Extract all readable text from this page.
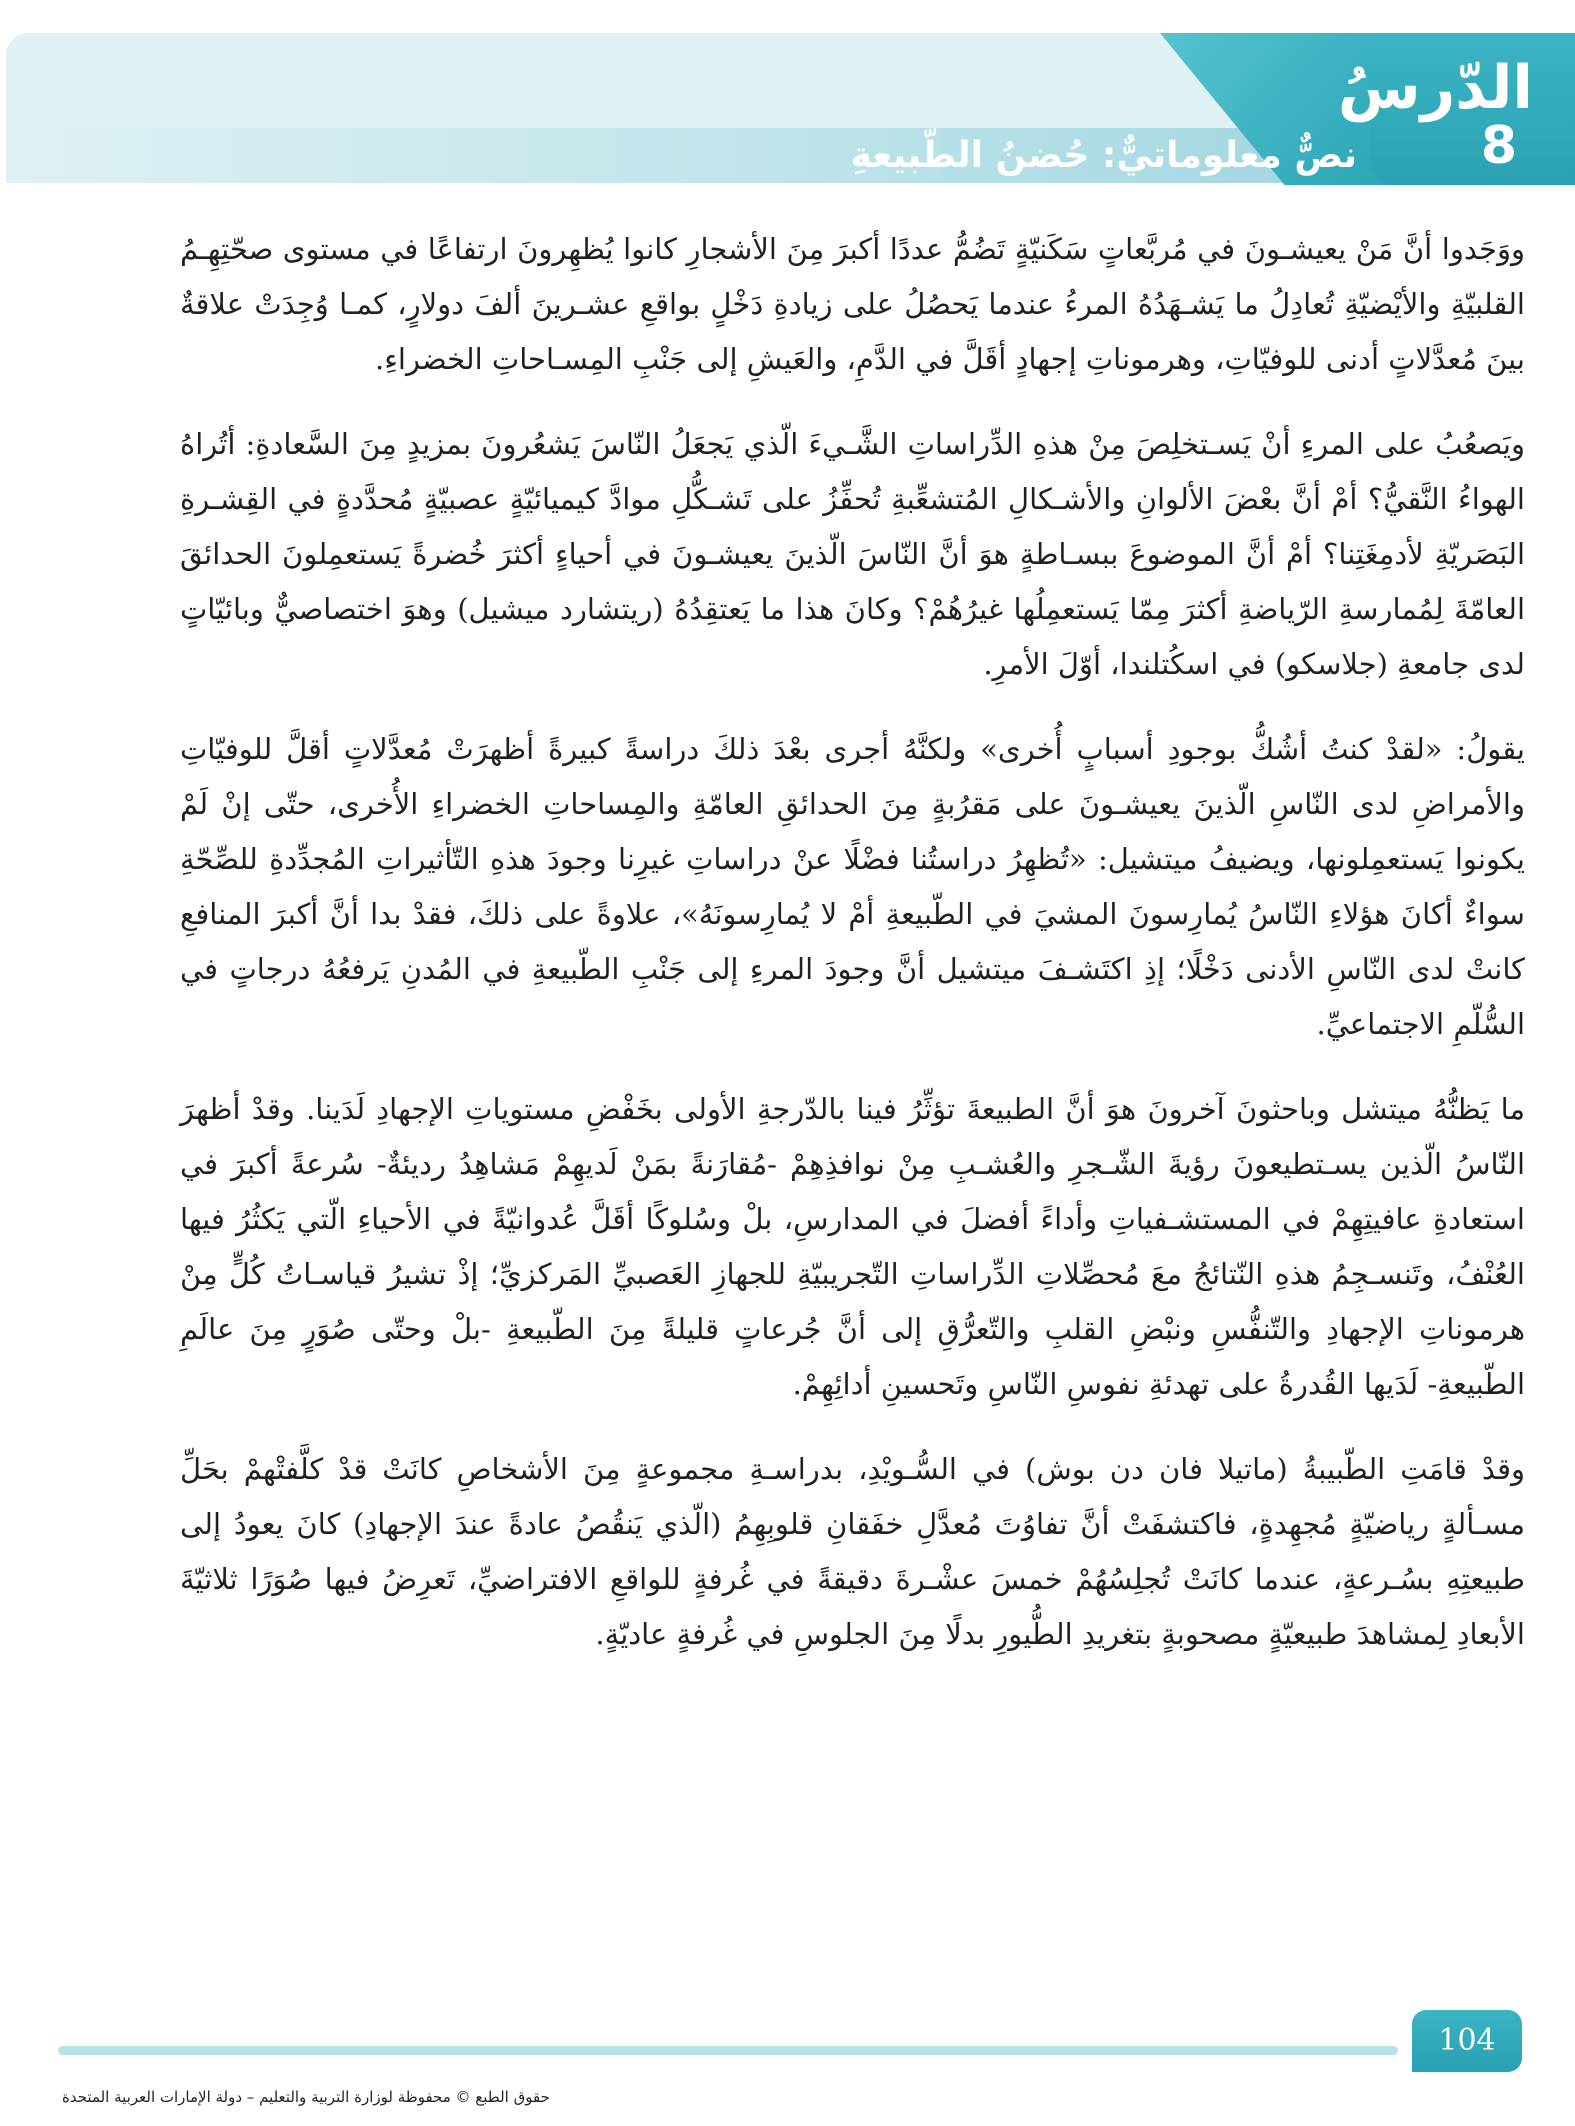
الدّرسُ
8
نصٌّ معلوماتيٌّ: حُضنُ الطّبيعةِ

ووَجَدوا أنَّ مَنْ يعيشـونَ في مُربَّعاتٍ سَكَنيّةٍ تَضُمُّ عددًا أكبرَ مِنَ الأشجارِ كانوا يُظهِرونَ ارتفاعًا في مستوى صحّتِهِـمُ القلبيّةِ والأيْضيّةِ تُعادِلُ ما يَشـهَدُهُ المرءُ عندما يَحصُلُ على زيادةِ دَخْلٍ بواقعِ عشـرينَ ألفَ دولارٍ، كمـا وُجِدَتْ علاقةٌ بينَ مُعدَّلاتٍ أدنى للوفيّاتِ، وهرموناتِ إجهادٍ أقَلَّ في الدَّمِ، والعَيشِ إلى جَنْبِ المِسـاحاتِ الخضراءِ.

ويَصعُبُ على المرءِ أنْ يَسـتخلِصَ مِنْ هذهِ الدِّراساتِ الشَّـيءَ الّذي يَجعَلُ النّاسَ يَشعُرونَ بمزيدٍ مِنَ السَّعادةِ: أتُراهُ الهواءُ النَّقيُّ؟ أمْ أنَّ بعْضَ الألوانِ والأشـكالِ المُتشعِّبةِ تُحفِّزُ على تَشـكُّلِ موادَّ كيميائيّةٍ عصبيّةٍ مُحدَّدةٍ في القِشـرةِ البَصَريّةِ لأدمِغَتِنا؟ أمْ أنَّ الموضوعَ ببسـاطةٍ هوَ أنَّ النّاسَ الّذينَ يعيشـونَ في أحياءٍ أكثرَ خُضرةً يَستعمِلونَ الحدائقَ العامّةَ لِمُمارسةِ الرّياضةِ أكثرَ مِمّا يَستعمِلُها غيرُهُمْ؟ وكانَ هذا ما يَعتقِدُهُ (ريتشارد ميشيل) وهوَ اختصاصيٌّ وبائيّاتٍ لدى جامعةِ (جلاسكو) في اسكُتلندا، أوّلَ الأمرِ.

يقولُ: «لقدْ كنتُ أشُكُّ بوجودِ أسبابٍ أُخرى» ولكنَّهُ أجرى بعْدَ ذلكَ دراسةً كبيرةً أظهرَتْ مُعدَّلاتٍ أقلَّ للوفيّاتِ والأمراضِ لدى النّاسِ الّذينَ يعيشـونَ على مَقرُبةٍ مِنَ الحدائقِ العامّةِ والمِساحاتِ الخضراءِ الأُخرى، حتّى إنْ لَمْ يكونوا يَستعمِلونها، ويضيفُ ميتشيل: «تُظهِرُ دراستُنا فضْلًا عنْ دراساتِ غيرِنا وجودَ هذهِ التّأثيراتِ المُجدِّدةِ للصِّحّةِ سواءٌ أكانَ هؤلاءِ النّاسُ يُمارِسونَ المشيَ في الطّبيعةِ أمْ لا يُمارِسونَهُ»، علاوةً على ذلكَ، فقدْ بدا أنَّ أكبرَ المنافعِ كانتْ لدى النّاسِ الأدنى دَخْلًا؛ إذِ اكتَشـفَ ميتشيل أنَّ وجودَ المرءِ إلى جَنْبِ الطّبيعةِ في المُدنِ يَرفعُهُ درجاتٍ في السُّلّمِ الاجتماعيِّ.

ما يَظنُّهُ ميتشل وباحثونَ آخرونَ هوَ أنَّ الطبيعةَ تؤثِّرُ فينا بالدّرجةِ الأولى بخَفْضِ مستوياتِ الإجهادِ لَدَينا. وقدْ أظهرَ النّاسُ الّذين يسـتطيعونَ رؤيةَ الشّـجرِ والعُشـبِ مِنْ نوافذِهِمْ -مُقارَنةً بمَنْ لَديهِمْ مَشاهِدُ رديئةٌ- سُرعةً أكبرَ في استعادةِ عافيتِهِمْ في المستشـفياتِ وأداءً أفضلَ في المدارسِ، بلْ وسُلوكًا أقَلَّ عُدوانيّةً في الأحياءِ الّتي يَكثُرُ فيها العُنْفُ، وتَنسـجِمُ هذهِ النّتائجُ معَ مُحصِّلاتِ الدِّراساتِ التّجريبيّةِ للجهازِ العَصبيِّ المَركزيِّ؛ إذْ تشيرُ قياسـاتُ كُلٍّ مِنْ هرموناتِ الإجهادِ والتّنفُّسِ ونبْضِ القلبِ والتّعرُّقِ إلى أنَّ جُرعاتٍ قليلةً مِنَ الطّبيعةِ -بلْ وحتّى صُوَرٍ مِنَ عالَمِ الطّبيعةِ- لَدَيها القُدرةُ على تهدئةِ نفوسِ النّاسِ وتَحسينِ أدائِهِمْ.

وقدْ قامَتِ الطّبيبةُ (ماتيلا فان دن بوش) في السُّـويْدِ، بدراسـةِ مجموعةٍ مِنَ الأشخاصِ كانَتْ قدْ كلَّفتْهمْ بحَلِّ مسـألةٍ رياضيّةٍ مُجهِدةٍ، فاكتشفَتْ أنَّ تفاوُتَ مُعدَّلِ خفَقانِ قلوبِهِمُ (الّذي يَنقُصُ عادةً عندَ الإجهادِ) كانَ يعودُ إلى طبيعتِهِ بسُـرعةٍ، عندما كانَتْ تُجلِسُهُمْ خمسَ عشْـرةَ دقيقةً في غُرفةٍ للواقعِ الافتراضيِّ، تَعرِضُ فيها صُوَرًا ثلاثيّةَ الأبعادِ لِمشاهدَ طبيعيّةٍ مصحوبةٍ بتغريدِ الطُّيورِ بدلًا مِنَ الجلوسِ في غُرفةٍ عاديّةٍ.

104
حقوق الطبع © محفوظة لوزارة التربية والتعليم – دولة الإمارات العربية المتحدة
